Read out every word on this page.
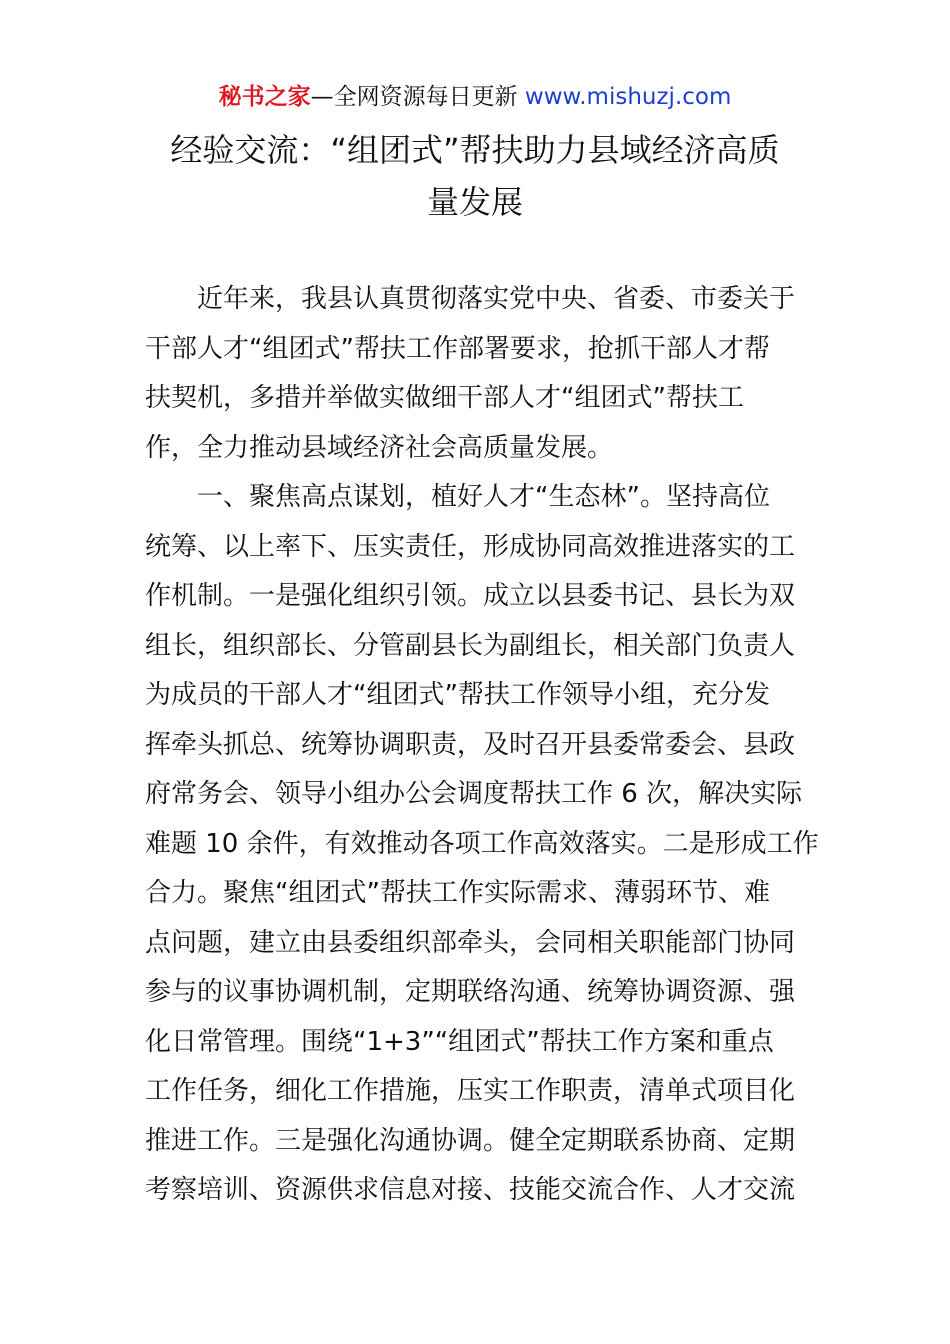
秘书之家—全网资源每日更新 www.mishuzj.com
经验交流：“组团式”帮扶助力县域经济高质
量发展
　　近年来，我县认真贯彻落实党中央、省委、市委关于
干部人才“组团式”帮扶工作部署要求，抢抓干部人才帮
扶契机，多措并举做实做细干部人才“组团式”帮扶工
作，全力推动县域经济社会高质量发展。
　　一、聚焦高点谋划，植好人才“生态林”。坚持高位
统筹、以上率下、压实责任，形成协同高效推进落实的工
作机制。一是强化组织引领。成立以县委书记、县长为双
组长，组织部长、分管副县长为副组长，相关部门负责人
为成员的干部人才“组团式”帮扶工作领导小组，充分发
挥牵头抓总、统筹协调职责，及时召开县委常委会、县政
府常务会、领导小组办公会调度帮扶工作 6 次，解决实际
难题 10 余件，有效推动各项工作高效落实。二是形成工作
合力。聚焦“组团式”帮扶工作实际需求、薄弱环节、难
点问题，建立由县委组织部牵头，会同相关职能部门协同
参与的议事协调机制，定期联络沟通、统筹协调资源、强
化日常管理。围绕“1+3”“组团式”帮扶工作方案和重点
工作任务，细化工作措施，压实工作职责，清单式项目化
推进工作。三是强化沟通协调。健全定期联系协商、定期
考察培训、资源供求信息对接、技能交流合作、人才交流
